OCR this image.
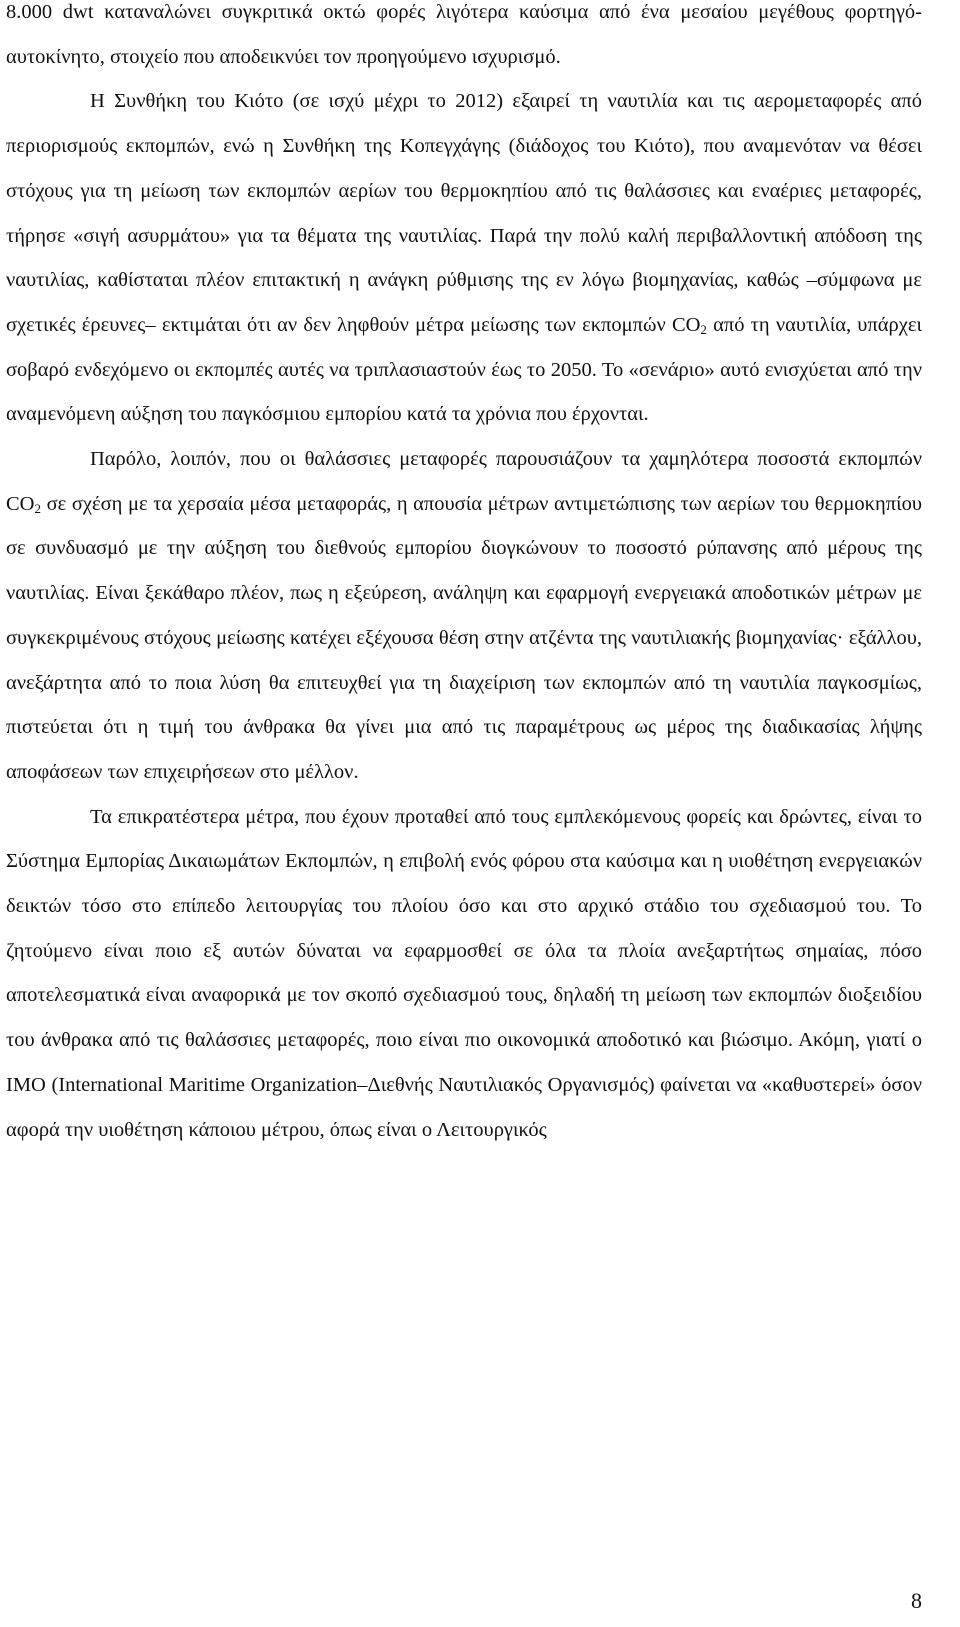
8.000 dwt καταναλώνει συγκριτικά οκτώ φορές λιγότερα καύσιμα από ένα μεσαίου μεγέθους φορτηγό-αυτοκίνητο, στοιχείο που αποδεικνύει τον προηγούμενο ισχυρισμό.

Η Συνθήκη του Κιότο (σε ισχύ μέχρι το 2012) εξαιρεί τη ναυτιλία και τις αερομεταφορές από περιορισμούς εκπομπών, ενώ η Συνθήκη της Κοπεγχάγης (διάδοχος του Κιότο), που αναμενόταν να θέσει στόχους για τη μείωση των εκπομπών αερίων του θερμοκηπίου από τις θαλάσσιες και εναέριες μεταφορές, τήρησε «σιγή ασυρμάτου» για τα θέματα της ναυτιλίας. Παρά την πολύ καλή περιβαλλοντική απόδοση της ναυτιλίας, καθίσταται πλέον επιτακτική η ανάγκη ρύθμισης της εν λόγω βιομηχανίας, καθώς –σύμφωνα με σχετικές έρευνες– εκτιμάται ότι αν δεν ληφθούν μέτρα μείωσης των εκπομπών $CO_2$ από τη ναυτιλία, υπάρχει σοβαρό ενδεχόμενο οι εκπομπές αυτές να τριπλασιαστούν έως το 2050. Το «σενάριο» αυτό ενισχύεται από την αναμενόμενη αύξηση του παγκόσμιου εμπορίου κατά τα χρόνια που έρχονται.

Παρόλο, λοιπόν, που οι θαλάσσιες μεταφορές παρουσιάζουν τα χαμηλότερα ποσοστά εκπομπών $CO_2$ σε σχέση με τα χερσαία μέσα μεταφοράς, η απουσία μέτρων αντιμετώπισης των αερίων του θερμοκηπίου σε συνδυασμό με την αύξηση του διεθνούς εμπορίου διογκώνουν το ποσοστό ρύπανσης από μέρους της ναυτιλίας. Είναι ξεκάθαρο πλέον, πως η εξεύρεση, ανάληψη και εφαρμογή ενεργειακά αποδοτικών μέτρων με συγκεκριμένους στόχους μείωσης κατέχει εξέχουσα θέση στην ατζέντα της ναυτιλιακής βιομηχανίας· εξάλλου, ανεξάρτητα από το ποια λύση θα επιτευχθεί για τη διαχείριση των εκπομπών από τη ναυτιλία παγκοσμίως, πιστεύεται ότι η τιμή του άνθρακα θα γίνει μια από τις παραμέτρους ως μέρος της διαδικασίας λήψης αποφάσεων των επιχειρήσεων στο μέλλον.

Τα επικρατέστερα μέτρα, που έχουν προταθεί από τους εμπλεκόμενους φορείς και δρώντες, είναι το Σύστημα Εμπορίας Δικαιωμάτων Εκπομπών, η επιβολή ενός φόρου στα καύσιμα και η υιοθέτηση ενεργειακών δεικτών τόσο στο επίπεδο λειτουργίας του πλοίου όσο και στο αρχικό στάδιο του σχεδιασμού του. Το ζητούμενο είναι ποιο εξ αυτών δύναται να εφαρμοσθεί σε όλα τα πλοία ανεξαρτήτως σημαίας, πόσο αποτελεσματικά είναι αναφορικά με τον σκοπό σχεδιασμού τους, δηλαδή τη μείωση των εκπομπών διοξειδίου του άνθρακα από τις θαλάσσιες μεταφορές, ποιο είναι πιο οικονομικά αποδοτικό και βιώσιμο. Ακόμη, γιατί ο IMO (International Maritime Organization–Διεθνής Ναυτιλιακός Οργανισμός) φαίνεται να «καθυστερεί» όσον αφορά την υιοθέτηση κάποιου μέτρου, όπως είναι ο Λειτουργικός

8
